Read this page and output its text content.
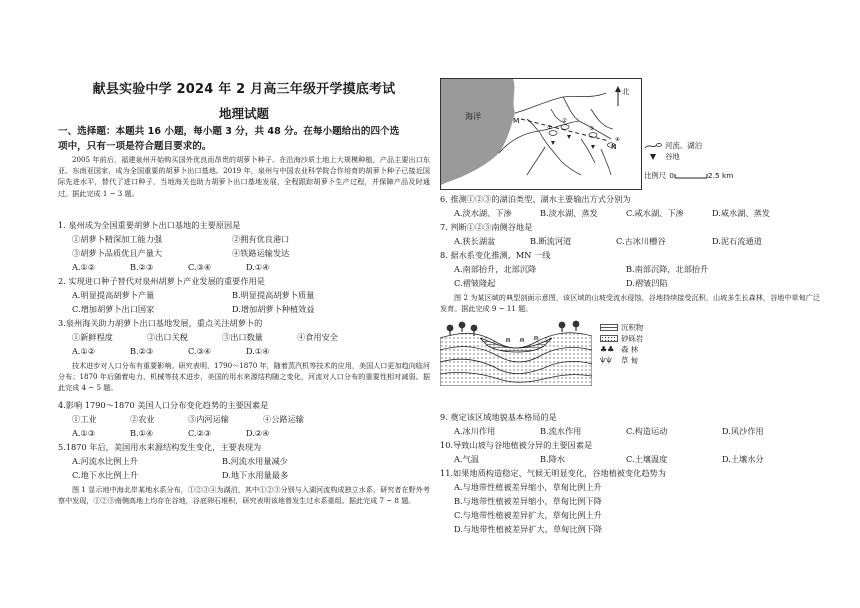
献县实验中学 2024 年 2 月高三年级开学摸底考试
地理试题
一、选择题：本题共 16 小题，每小题 3 分，共 48 分。在每小题给出的四个选
项中，只有一项是符合题目要求的。
2005 年前后，福建泉州开始购买国外优良而昂贵的胡萝卜种子。在沿海沙质土地上大规模种植，产品主要出口东亚、东南亚国家，成为全国重要的胡萝卜出口基地。2019 年，泉州与中国农业科学院合作培育的胡萝卜种子已接近国际先进水平，替代了进口种子，当地海关也助力胡萝卜出口基地发展，全程跟踪胡萝卜生产过程，并保障产品及时通过。据此完成 1 ~ 3 题。
1. 泉州成为全国重要胡萝卜出口基地的主要原因是
①胡萝卜精深加工能力强	②拥有优良港口
③胡萝卜品质优且产量大	④铁路运输发达
A.①②	B.②③	C.③④	D.①④
2. 实现进口种子替代对泉州胡萝卜产业发展的重要作用是
A.明显提高胡萝卜产量	B.明显提高胡萝卜质量
C.增加胡萝卜出口国家	D.增加胡萝卜种植效益
3.泉州海关助力胡萝卜出口基地发展，重点关注胡萝卜的
①新鲜程度	②出口关税	③出口数量	④食用安全
A.①②	B.②③	C.③④	D.①④
技术进步对人口分布有重要影响。研究表明，1790～1870 年，随着蒸汽机等技术的应用，美国人口更加趋向临河分布；1870 年后随着电力、机械等技术进步，美国的用水来源结构随之变化，河流对人口分布的重要性相对减弱。据此完成 4 ~ 5 题。
4.影响 1790～1870 美国人口分布变化趋势的主要因素是
①工业	②农业	③内河运输	④公路运输
A.①③	B.①④	C.②③	D.②④
5.1870 年后，美国用水来源结构发生变化，主要表现为
A.河流水比例上升	B.河流水用量减少
C.地下水比例上升	D.地下水用量最多
图 1 显示地中海北岸某地水系分布，①②③④为湖泊，其中①②③分别与入湖河流构成独立水系，研究者在野外考察中发现，①②③南侧高地上均存在谷地，谷底卵石堆积，研究表明该地曾发生过水系重组。据此完成 7 ~ 8 题。
海洋	M
N
①
②
③
④
北
河流、湖泊
谷地
比例尺 0	2.5 km
6. 推测①②③的湖泊类型、湖水主要输出方式分别为
A.淡水湖、下渗	B.淡水湖、蒸发	C.咸水湖、下渗	D.咸水湖、蒸发
7. 判断①②③南侧谷地是
A.狭长湖盆	B.断流河道	C.古冰川槽谷	D.泥石流通道
8. 据水系变化推测，MN 一线
A.南部抬升，北部沉降	B.南部沉降，北部抬升
C.褶皱隆起	D.褶皱凹陷
图 2 为某区域的典型剖面示意图，该区域的山坡受流水侵蚀，谷地持续接受沉积，山坡多生长森林，谷地中草甸广泛发育。据此完成 9 ~ 11 题。
沉积物
砂砾岩
♣♣ 森 林
ѱѱ	草 甸
9. 奠定该区域地貌基本格局的是
A.冰川作用	B.流水作用	C.构造运动	D.风沙作用
10.导致山坡与谷地植被分异的主要因素是
A.气温	B.降水	C.土壤温度	D.土壤水分
11.如果地质构造稳定、气候无明显变化，谷地植被变化趋势为
A.与地带性植被差异缩小，草甸比例上升
B.与地带性植被差异缩小，草甸比例下降
C.与地带性植被差异扩大，草甸比例上升
D.与地带性植被差异扩大，草甸比例下降
